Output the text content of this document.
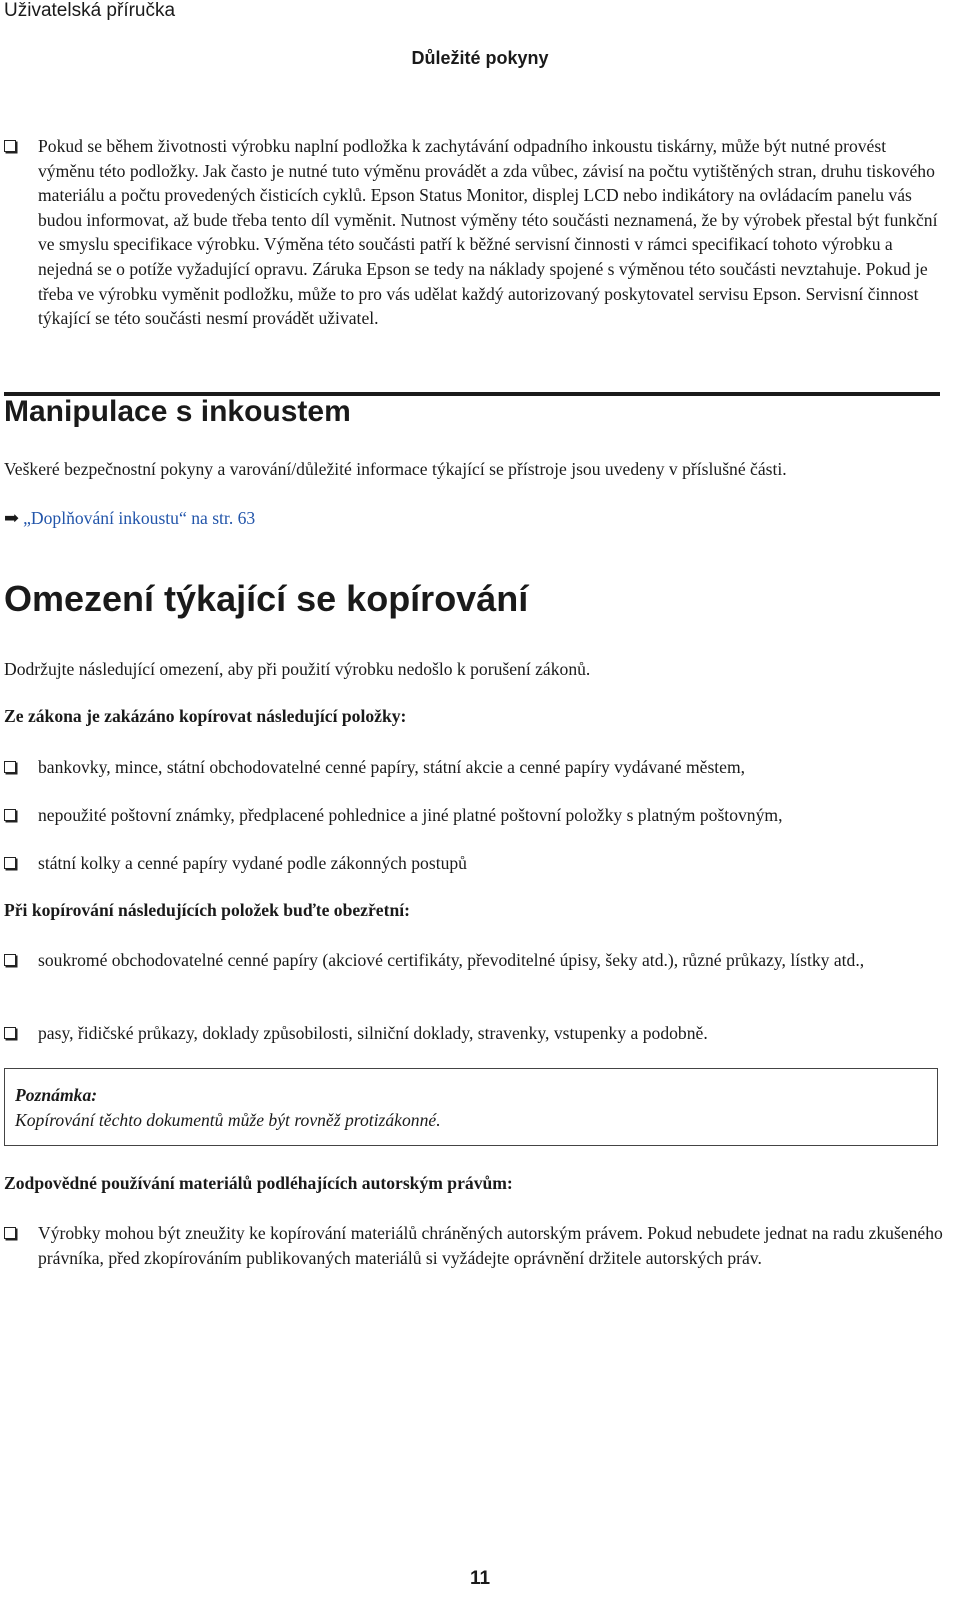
Uživatelská příručka
Důležité pokyny
Pokud se během životnosti výrobku naplní podložka k zachytávání odpadního inkoustu tiskárny, může být nutné provést výměnu této podložky. Jak často je nutné tuto výměnu provádět a zda vůbec, závisí na počtu vytištěných stran, druhu tiskového materiálu a počtu provedených čisticích cyklů. Epson Status Monitor, displej LCD nebo indikátory na ovládacím panelu vás budou informovat, až bude třeba tento díl vyměnit. Nutnost výměny této součásti neznamená, že by výrobek přestal být funkční ve smyslu specifikace výrobku. Výměna této součásti patří k běžné servisní činnosti v rámci specifikací tohoto výrobku a nejedná se o potíže vyžadující opravu. Záruka Epson se tedy na náklady spojené s výměnou této součásti nevztahuje. Pokud je třeba ve výrobku vyměnit podložku, může to pro vás udělat každý autorizovaný poskytovatel servisu Epson. Servisní činnost týkající se této součásti nesmí provádět uživatel.
Manipulace s inkoustem
Veškeré bezpečnostní pokyny a varování/důležité informace týkající se přístroje jsou uvedeny v příslušné části.
➡ „Doplňování inkoustu“ na str. 63
Omezení týkající se kopírování
Dodržujte následující omezení, aby při použití výrobku nedošlo k porušení zákonů.
Ze zákona je zakázáno kopírovat následující položky:
bankovky, mince, státní obchodovatelné cenné papíry, státní akcie a cenné papíry vydávané městem,
nepoužité poštovní známky, předplacené pohlednice a jiné platné poštovní položky s platným poštovným,
státní kolky a cenné papíry vydané podle zákonných postupů
Při kopírování následujících položek buďte obezřetní:
soukromé obchodovatelné cenné papíry (akciové certifikáty, převoditelné úpisy, šeky atd.), různé průkazy, lístky atd.,
pasy, řidičské průkazy, doklady způsobilosti, silniční doklady, stravenky, vstupenky a podobně.
Poznámka:
Kopírování těchto dokumentů může být rovněž protizákonné.
Zodpovědné používání materiálů podléhajících autorským právům:
Výrobky mohou být zneužity ke kopírování materiálů chráněných autorským právem. Pokud nebudete jednat na radu zkušeného právníka, před zkopírováním publikovaných materiálů si vyžádejte oprávnění držitele autorských práv.
11
